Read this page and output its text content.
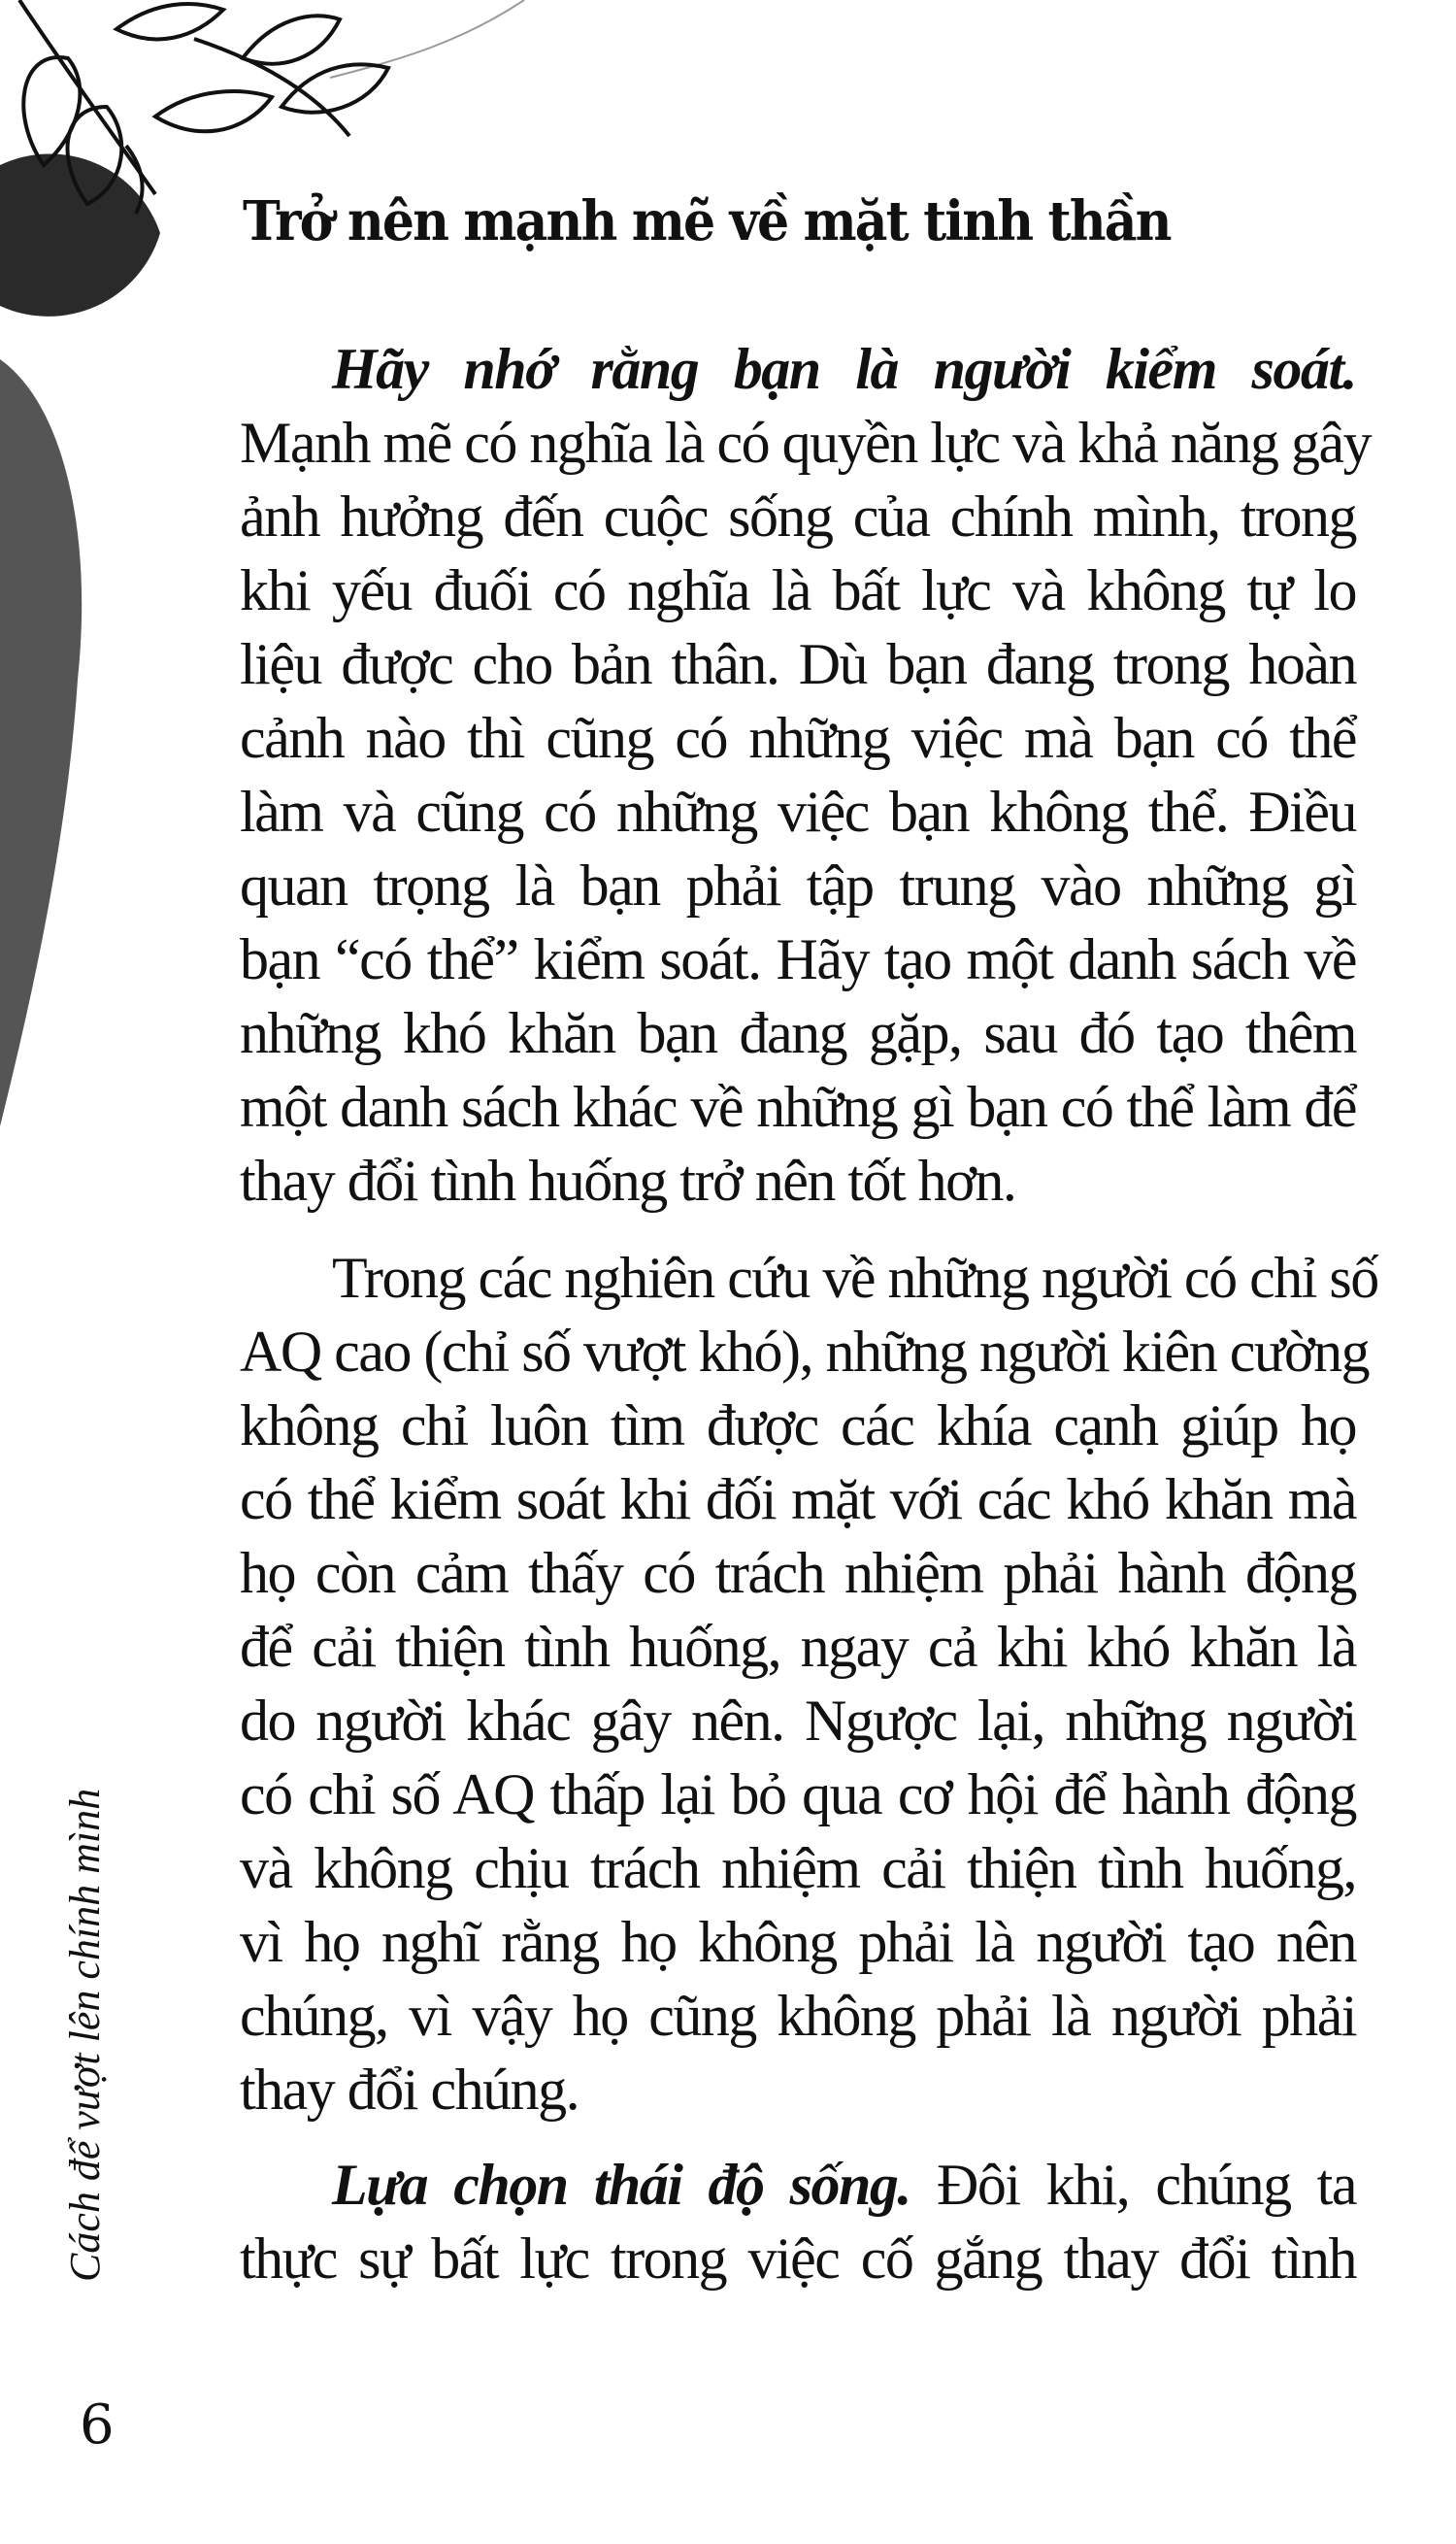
Trở nên mạnh mẽ về mặt tinh thần
Hãy nhớ rằng bạn là người kiểm soát.
Mạnh mẽ có nghĩa là có quyền lực và khả năng gây
ảnh hưởng đến cuộc sống của chính mình, trong
khi yếu đuối có nghĩa là bất lực và không tự lo
liệu được cho bản thân. Dù bạn đang trong hoàn
cảnh nào thì cũng có những việc mà bạn có thể
làm và cũng có những việc bạn không thể. Điều
quan trọng là bạn phải tập trung vào những gì
bạn “có thể” kiểm soát. Hãy tạo một danh sách về
những khó khăn bạn đang gặp, sau đó tạo thêm
một danh sách khác về những gì bạn có thể làm để
thay đổi tình huống trở nên tốt hơn.
Trong các nghiên cứu về những người có chỉ số
AQ cao (chỉ số vượt khó), những người kiên cường
không chỉ luôn tìm được các khía cạnh giúp họ
có thể kiểm soát khi đối mặt với các khó khăn mà
họ còn cảm thấy có trách nhiệm phải hành động
để cải thiện tình huống, ngay cả khi khó khăn là
do người khác gây nên. Ngược lại, những người
có chỉ số AQ thấp lại bỏ qua cơ hội để hành động
và không chịu trách nhiệm cải thiện tình huống,
vì họ nghĩ rằng họ không phải là người tạo nên
chúng, vì vậy họ cũng không phải là người phải
thay đổi chúng.
Lựa chọn thái độ sống. Đôi khi, chúng ta
thực sự bất lực trong việc cố gắng thay đổi tình
Cách để vượt lên chính mình
6
